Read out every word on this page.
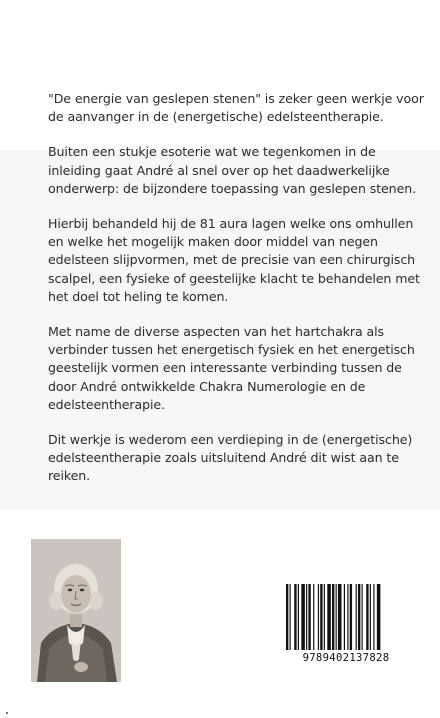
"De energie van geslepen stenen" is zeker geen werkje voor de aanvanger in de (energetische) edelsteentherapie.

Buiten een stukje esoterie wat we tegenkomen in de inleiding gaat André al snel over op het daadwerkelijke onderwerp: de bijzondere toepassing van geslepen stenen.

Hierbij behandeld hij de 81 aura lagen welke ons omhullen en welke het mogelijk maken door middel van negen edelsteen slijpvormen, met de precisie van een chirurgisch scalpel, een fysieke of geestelijke klacht te behandelen met het doel tot heling te komen.

Met name de diverse aspecten van het hartchakra als verbinder tussen het energetisch fysiek en het energetisch geestelijk vormen een interessante verbinding tussen de door André ontwikkelde Chakra Numerologie en de edelsteentherapie.

Dit werkje is wederom een verdieping in de (energetische) edelsteentherapie zoals uitsluitend André dit wist aan te reiken.

9789402137828
